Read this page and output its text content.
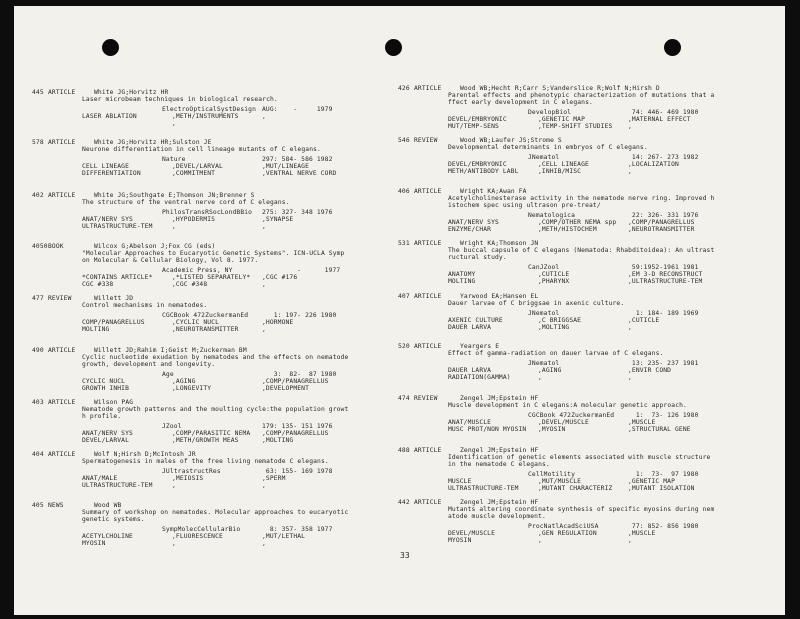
445 ARTICLE	White JG;Horvitz HR
Laser microbeam techniques in biological research.
ElectroOpticalSystDesign AUG:    -     1979
LASER ABLATION	,METH/INSTRUMENTS	,
,
578 ARTICLE	White JG;Horvitz HR;Sulston JE
Neurone differentiation in cell lineage mutants of C elegans.
Nature	297: 584- 586 1982
CELL LINEAGE	,DEVEL/LARVAL	,MUT/LINEAGE
DIFFERENTIATION	,COMMITMENT	,VENTRAL NERVE CORD
402 ARTICLE	White JG;Southgate E;Thomson JN;Brenner S
The structure of the ventral nerve cord of C elegans.
PhilosTransRSocLondBBio 275: 327- 348 1976
ANAT/NERV SYS	,HYPODERMIS	,SYNAPSE
ULTRASTRUCTURE-TEM	,	,
4050 BOOK	Wilcox G;Abelson J;Fox CG (eds)
"Molecular Approaches to Eucaryotic Genetic Systems". ICN-UCLA Symp
on Molecular & Cellular Biology, Vol 8. 1977.
Academic Press, NY	-      1977
*CONTAINS ARTICLE*	,*LISTED SEPARATELY* ,CGC #176
CGC #338	,CGC #348	,
477 REVIEW	Willett JD
Control mechanisms in nematodes.
CGCBook 472ZuckermanEd 1: 197- 226 1980
COMP/PANAGRELLUS	,CYCLIC NUCL	,HORMONE
MOLTING	,NEUROTRANSMITTER	,
490 ARTICLE	Willett JD;Rahim I;Geist M;Zuckerman BM
Cyclic nucleotide exudation by nematodes and the effects on nematode
growth, development and longevity.
Age	3:  82-  87 1980
CYCLIC NUCL	,AGING	,COMP/PANAGRELLUS
GROWTH INHIB	,LONGEVITY	,DEVELOPMENT
403 ARTICLE	Wilson PAG
Nematode growth patterns and the moulting cycle:the population growt
h profile.
JZool	179: 135- 151 1976
ANAT/NERV SYS	,COMP/PARASITIC NEMA ,COMP/PANAGRELLUS
DEVEL/LARVAL	,METH/GROWTH MEAS	,MOLTING
404 ARTICLE	Wolf N;Hirsh D;McIntosh JR
Spermatogenesis in males of the free living nematode C elegans.
JUltrastructRes	63: 155- 169 1978
ANAT/MALE	,MEIOSIS	,SPERM
ULTRASTRUCTURE-TEM	,	,
405 NEWS	Wood WB
Summary of workshop on nematodes. Molecular approaches to eucaryotic
genetic systems.
SympMolecCellularBio	8: 357- 358 1977
ACETYLCHOLINE	,FLUORESCENCE	,MUT/LETHAL
MYOSIN	,	,
426 ARTICLE	Wood WB;Hecht R;Carr S;Vanderslice R;Wolf N;Hirsh D
Parental effects and phenotypic characterization of mutations that a
ffect early development in C elegans.
DevelopBiol	74: 446- 469 1980
DEVEL/EMBRYONIC	,GENETIC MAP	,MATERNAL EFFECT
MUT/TEMP-SENS	,TEMP-SHIFT STUDIES ,
546 REVIEW	Wood WB;Laufer JS;Strome S
Developmental determinants in embryos of C elegans.
JNematol	14: 267- 273 1982
DEVEL/EMBRYONIC	,CELL LINEAGE	,LOCALIZATION
METH/ANTIBODY LABL	,INHIB/MISC	,
406 ARTICLE	Wright KA;Awan FA
Acetylcholinesterase activity in the nematode nerve ring. Improved h
istochem spec using ultrason pre-treat/
Nematologica	22: 326- 331 1976
ANAT/NERV SYS	,COMP/OTHER NEMA spp ,COMP/PANAGRELLUS
ENZYME/CHAR	,METH/HISTOCHEM	,NEUROTRANSMITTER
531 ARTICLE	Wright KA;Thomson JN
The buccal capsule of C elegans (Nematoda: Rhabditoidea): An ultrast
ructural study.
CanJZool	59:1952-1961 1981
ANATOMY	,CUTICLE	,EM 3-D RECONSTRUCT
MOLTING	,PHARYNX	,ULTRASTRUCTURE-TEM
407 ARTICLE	Yarwood EA;Hansen EL
Dauer larvae of C briggsae in axenic culture.
JNematol	1: 184- 189 1969
AXENIC CULTURE	,C BRIGGSAE	,CUTICLE
DAUER LARVA	,MOLTING	,
520 ARTICLE	Yeargers E
Effect of gamma-radiation on dauer larvae of C elegans.
JNematol	13: 235- 237 1981
DAUER LARVA	,AGING	,ENVIR COND
RADIATION(GAMMA)	,	,
474 REVIEW	Zengel JM;Epstein HF
Muscle development in C elegans:A molecular genetic approach.
CGCBook 472ZuckermanEd 1:  73- 126 1980
ANAT/MUSCLE	,DEVEL/MUSCLE	,MUSCLE
MUSC PROT/NON MYOSIN ,MYOSIN	,STRUCTURAL GENE
488 ARTICLE	Zengel JM;Epstein HF
Identification of genetic elements associated with muscle structure
in the nematode C elegans.
CellMotility	1:  73-  97 1980
MUSCLE	,MUT/MUSCLE	,GENETIC MAP
ULTRASTRUCTURE-TEM	,MUTANT CHARACTERIZ ,MUTANT ISOLATION
442 ARTICLE	Zengel JM;Epstein HF
Mutants altering coordinate synthesis of specific myosins during nem
atode muscle development.
ProcNatlAcadSciUSA	77: 852- 856 1980
DEVEL/MUSCLE	,GEN REGULATION	,MUSCLE
MYOSIN	,	,
33
